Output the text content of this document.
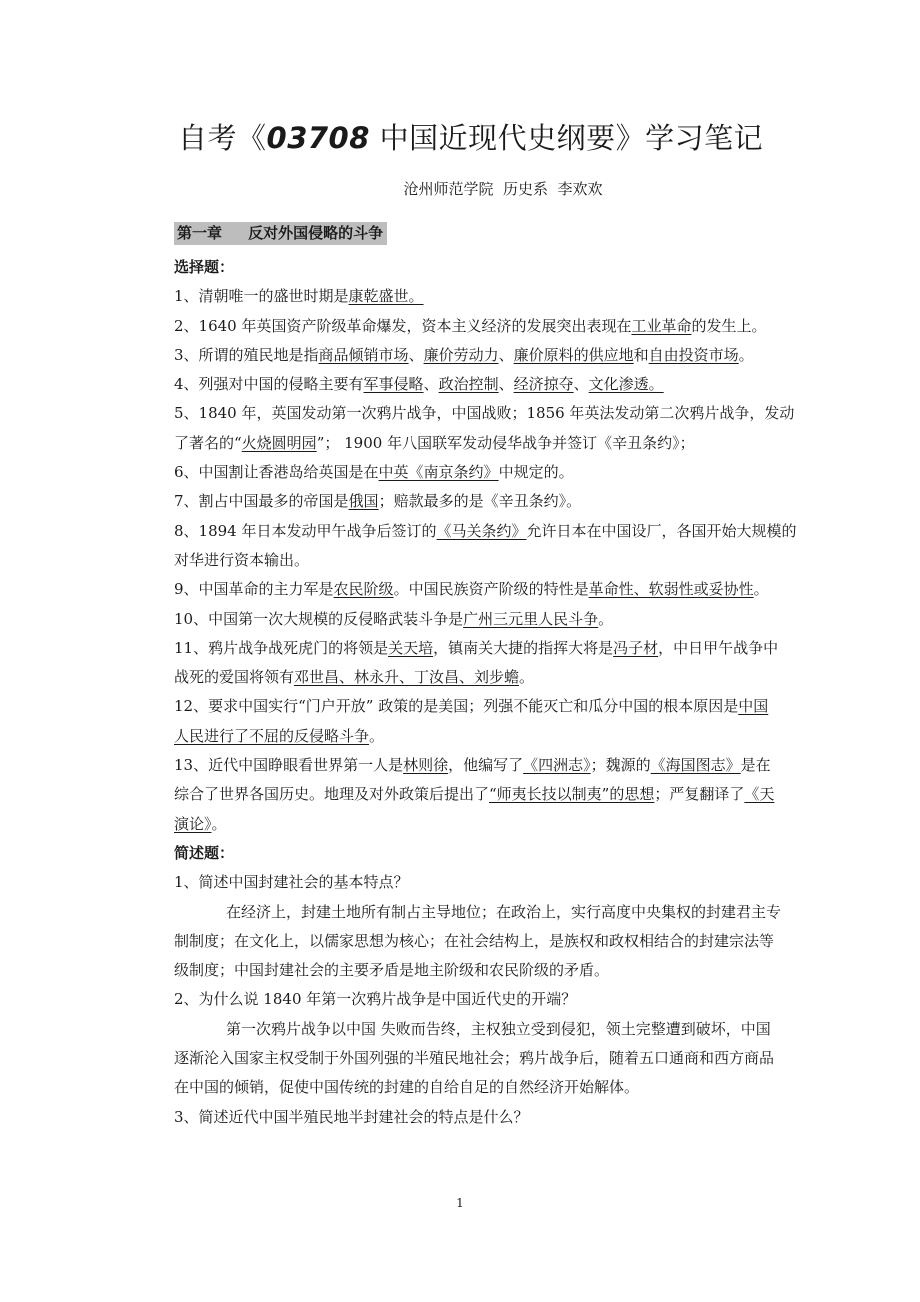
自考《03708 中国近现代史纲要》学习笔记
沧州师范学院  历史系  李欢欢
第一章     反对外国侵略的斗争
选择题：
1、清朝唯一的盛世时期是康乾盛世。
2、1640 年英国资产阶级革命爆发，资本主义经济的发展突出表现在工业革命的发生上。
3、所谓的殖民地是指商品倾销市场、廉价劳动力、廉价原料的供应地和自由投资市场。
4、列强对中国的侵略主要有军事侵略、政治控制、经济掠夺、文化渗透。
5、1840 年，英国发动第一次鸦片战争，中国战败；1856 年英法发动第二次鸦片战争，发动
了著名的“火烧圆明园”； 1900 年八国联军发动侵华战争并签订《辛丑条约》；
6、中国割让香港岛给英国是在中英《南京条约》中规定的。
7、割占中国最多的帝国是俄国；赔款最多的是《辛丑条约》。
8、1894 年日本发动甲午战争后签订的《马关条约》允许日本在中国设厂，各国开始大规模的
对华进行资本输出。
9、中国革命的主力军是农民阶级。中国民族资产阶级的特性是革命性、软弱性或妥协性。
10、中国第一次大规模的反侵略武装斗争是广州三元里人民斗争。
11、鸦片战争战死虎门的将领是关天培，镇南关大捷的指挥大将是冯子材，中日甲午战争中
战死的爱国将领有邓世昌、林永升、丁汝昌、刘步蟾。
12、要求中国实行“门户开放” 政策的是美国；列强不能灭亡和瓜分中国的根本原因是中国
人民进行了不屈的反侵略斗争。
13、近代中国睁眼看世界第一人是林则徐，他编写了《四洲志》；魏源的《海国图志》是在
综合了世界各国历史。地理及对外政策后提出了“师夷长技以制夷”的思想；严复翻译了《天
演论》。
简述题：
1、简述中国封建社会的基本特点？
在经济上，封建土地所有制占主导地位；在政治上，实行高度中央集权的封建君主专
制制度；在文化上，以儒家思想为核心；在社会结构上，是族权和政权相结合的封建宗法等
级制度；中国封建社会的主要矛盾是地主阶级和农民阶级的矛盾。
2、为什么说 1840 年第一次鸦片战争是中国近代史的开端？
第一次鸦片战争以中国 失败而告终，主权独立受到侵犯，领土完整遭到破坏，中国
逐渐沦入国家主权受制于外国列强的半殖民地社会；鸦片战争后，随着五口通商和西方商品
在中国的倾销，促使中国传统的封建的自给自足的自然经济开始解体。
3、简述近代中国半殖民地半封建社会的特点是什么？
1
